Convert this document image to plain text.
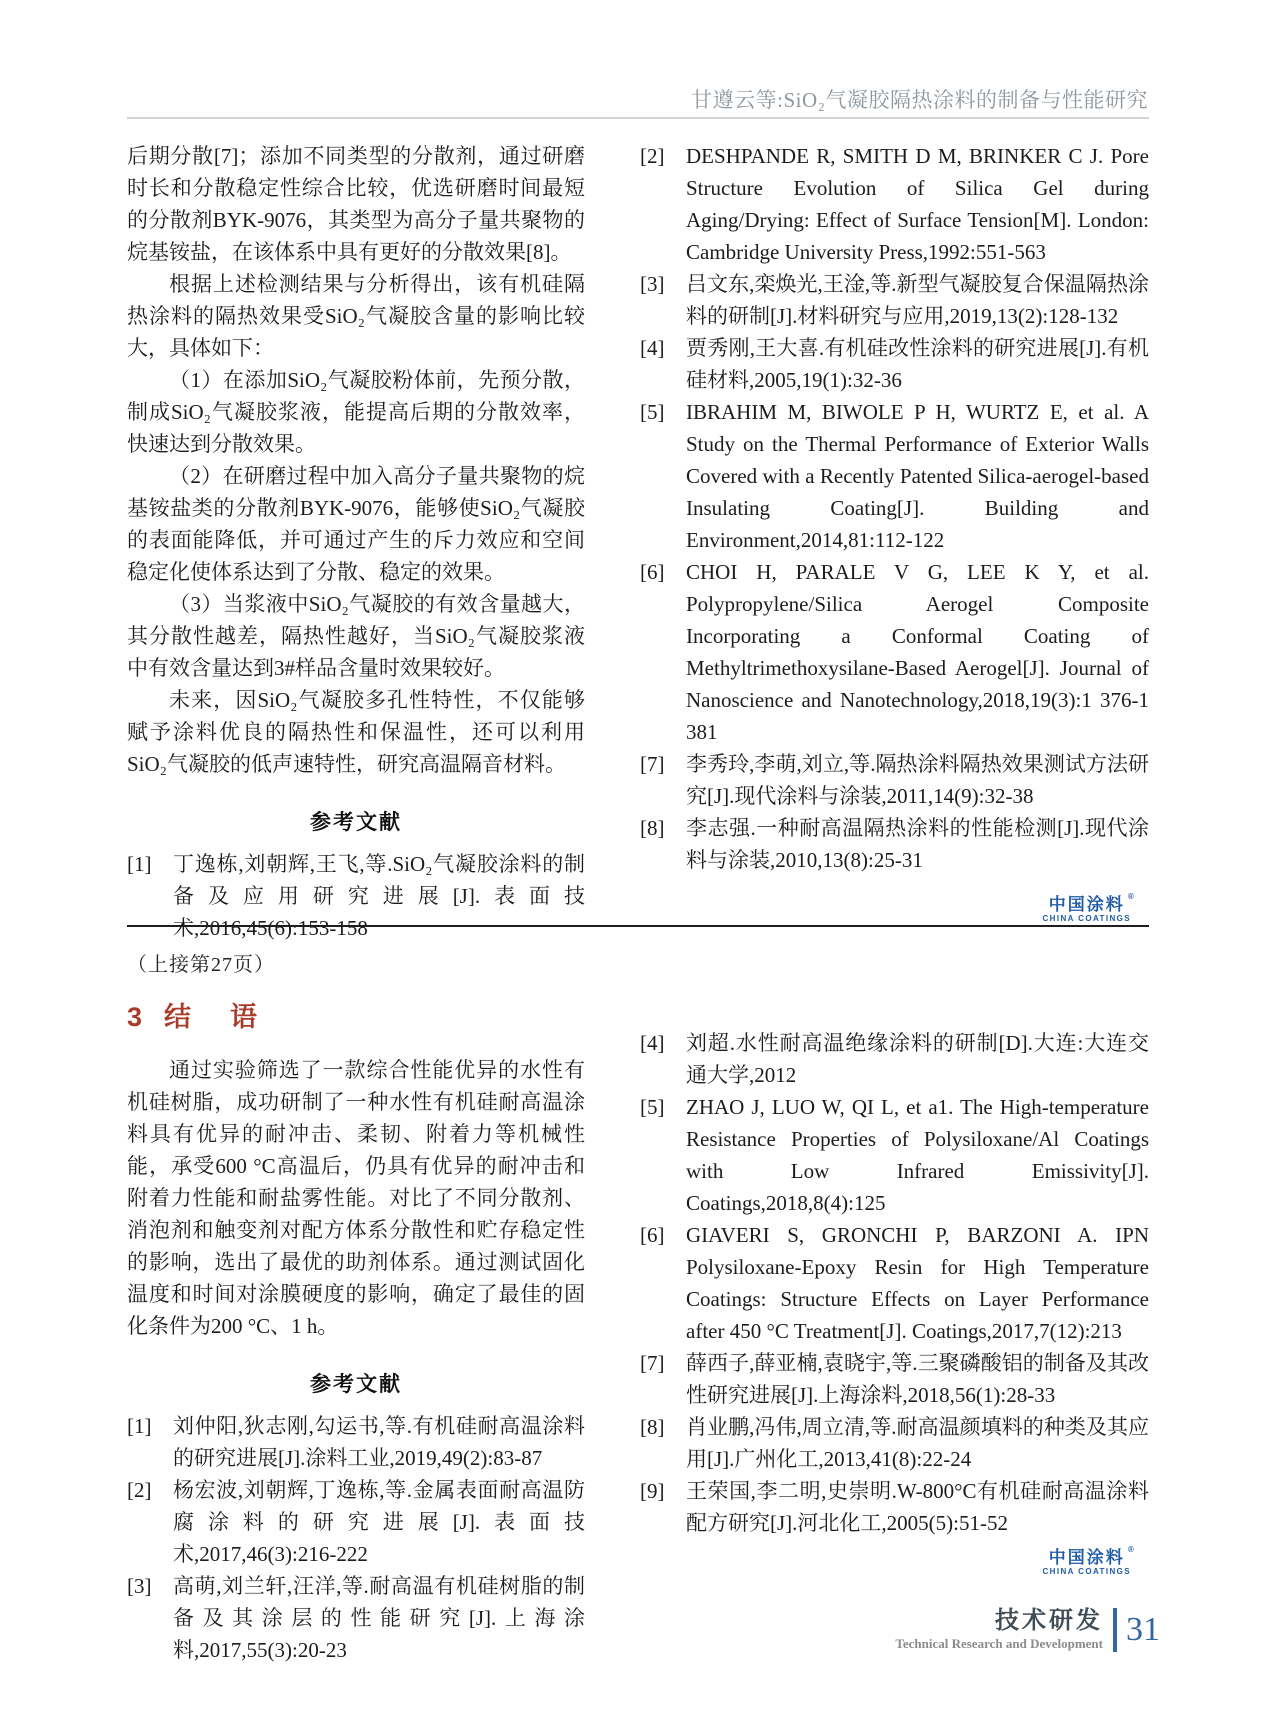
甘遵云等:SiO₂气凝胶隔热涂料的制备与性能研究

后期分散[7]；添加不同类型的分散剂，通过研磨时长和分散稳定性综合比较，优选研磨时间最短的分散剂BYK-9076，其类型为高分子量共聚物的烷基铵盐，在该体系中具有更好的分散效果[8]。

根据上述检测结果与分析得出，该有机硅隔热涂料的隔热效果受SiO₂气凝胶含量的影响比较大，具体如下：

（1）在添加SiO₂气凝胶粉体前，先预分散，制成SiO₂气凝胶浆液，能提高后期的分散效率，快速达到分散效果。

（2）在研磨过程中加入高分子量共聚物的烷基铵盐类的分散剂BYK-9076，能够使SiO₂气凝胶的表面能降低，并可通过产生的斥力效应和空间稳定化使体系达到了分散、稳定的效果。

（3）当浆液中SiO₂气凝胶的有效含量越大，其分散性越差，隔热性越好，当SiO₂气凝胶浆液中有效含量达到3#样品含量时效果较好。

未来，因SiO₂气凝胶多孔性特性，不仅能够赋予涂料优良的隔热性和保温性，还可以利用SiO₂气凝胶的低声速特性，研究高温隔音材料。

参考文献
[1] 丁逸栋,刘朝辉,王飞,等.SiO₂气凝胶涂料的制备及应用研究进展[J].表面技术,2016,45(6):153-158
[2] DESHPANDE R, SMITH D M, BRINKER C J. Pore Structure Evolution of Silica Gel during Aging/Drying: Effect of Surface Tension[M]. London: Cambridge University Press,1992:551-563
[3] 吕文东,栾焕光,王淦,等.新型气凝胶复合保温隔热涂料的研制[J].材料研究与应用,2019,13(2):128-132
[4] 贾秀刚,王大喜.有机硅改性涂料的研究进展[J].有机硅材料,2005,19(1):32-36
[5] IBRAHIM M, BIWOLE P H, WURTZ E, et al. A Study on the Thermal Performance of Exterior Walls Covered with a Recently Patented Silica-aerogel-based Insulating Coating[J]. Building and Environment,2014,81:112-122
[6] CHOI H, PARALE V G, LEE K Y, et al. Polypropylene/Silica Aerogel Composite Incorporating a Conformal Coating of Methyltrimethoxysilane-Based Aerogel[J]. Journal of Nanoscience and Nanotechnology,2018,19(3):1 376-1 381
[7] 李秀玲,李萌,刘立,等.隔热涂料隔热效果测试方法研究[J].现代涂料与涂装,2011,14(9):32-38
[8] 李志强.一种耐高温隔热涂料的性能检测[J].现代涂料与涂装,2010,13(8):25-31
中国涂料 ®
CHINA COATINGS
（上接第27页）
3 结　语

通过实验筛选了一款综合性能优异的水性有机硅树脂，成功研制了一种水性有机硅耐高温涂料具有优异的耐冲击、柔韧、附着力等机械性能，承受600 °C高温后，仍具有优异的耐冲击和附着力性能和耐盐雾性能。对比了不同分散剂、消泡剂和触变剂对配方体系分散性和贮存稳定性的影响，选出了最优的助剂体系。通过测试固化温度和时间对涂膜硬度的影响，确定了最佳的固化条件为200 °C、1 h。

参考文献
[1] 刘仲阳,狄志刚,勾运书,等.有机硅耐高温涂料的研究进展[J].涂料工业,2019,49(2):83-87
[2] 杨宏波,刘朝辉,丁逸栋,等.金属表面耐高温防腐涂料的研究进展[J].表面技术,2017,46(3):216-222
[3] 高萌,刘兰轩,汪洋,等.耐高温有机硅树脂的制备及其涂层的性能研究[J].上海涂料,2017,55(3):20-23
[4] 刘超.水性耐高温绝缘涂料的研制[D].大连:大连交通大学,2012
[5] ZHAO J, LUO W, QI L, et a1. The High-temperature Resistance Properties of Polysiloxane/Al Coatings with Low Infrared Emissivity[J]. Coatings,2018,8(4):125
[6] GIAVERI S, GRONCHI P, BARZONI A. IPN Polysiloxane-Epoxy Resin for High Temperature Coatings: Structure Effects on Layer Performance after 450 °C Treatment[J]. Coatings,2017,7(12):213
[7] 薛西子,薛亚楠,袁晓宇,等.三聚磷酸铝的制备及其改性研究进展[J].上海涂料,2018,56(1):28-33
[8] 肖业鹏,冯伟,周立清,等.耐高温颜填料的种类及其应用[J].广州化工,2013,41(8):22-24
[9] 王荣国,李二明,史崇明.W-800°C有机硅耐高温涂料配方研究[J].河北化工,2005(5):51-52
中国涂料 ®
CHINA COATINGS
技术研发
Technical Research and Development 31
